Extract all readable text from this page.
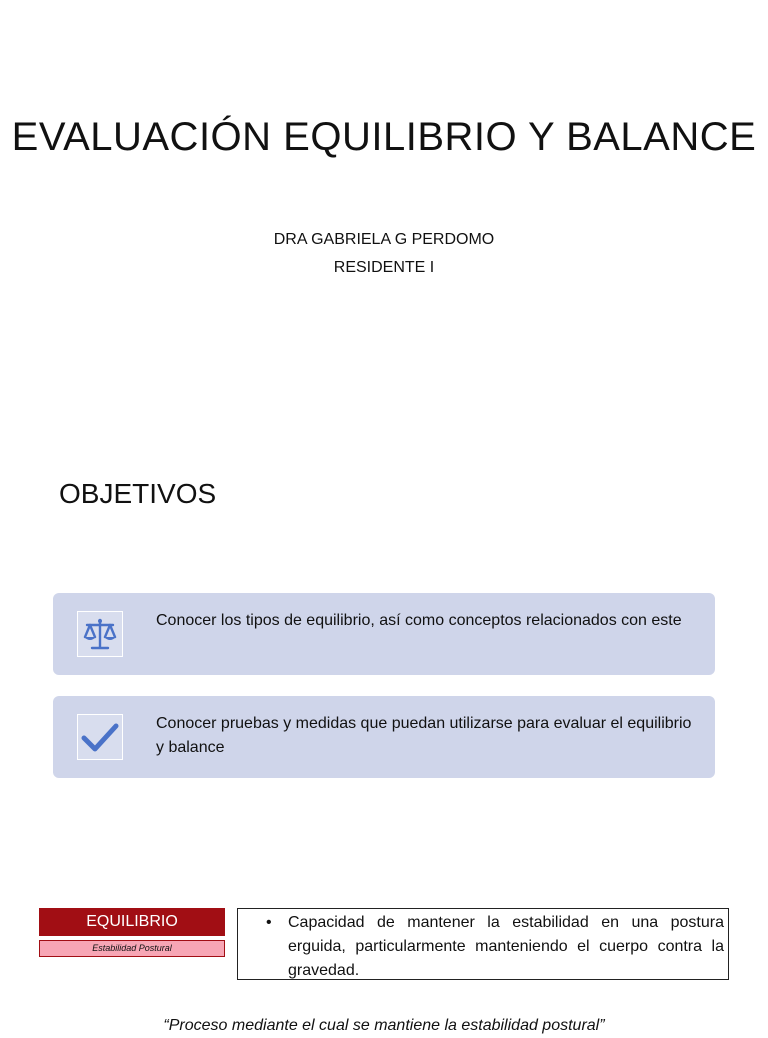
EVALUACIÓN EQUILIBRIO Y BALANCE
DRA GABRIELA G PERDOMO
RESIDENTE I
OBJETIVOS
Conocer los tipos de equilibrio, así como conceptos relacionados con este
Conocer pruebas y medidas que puedan utilizarse para evaluar el equilibrio y balance
EQUILIBRIO
Estabilidad Postural
• Capacidad de mantener la estabilidad en una postura erguida, particularmente manteniendo el cuerpo contra la gravedad.
“Proceso mediante el cual se mantiene la estabilidad postural”
